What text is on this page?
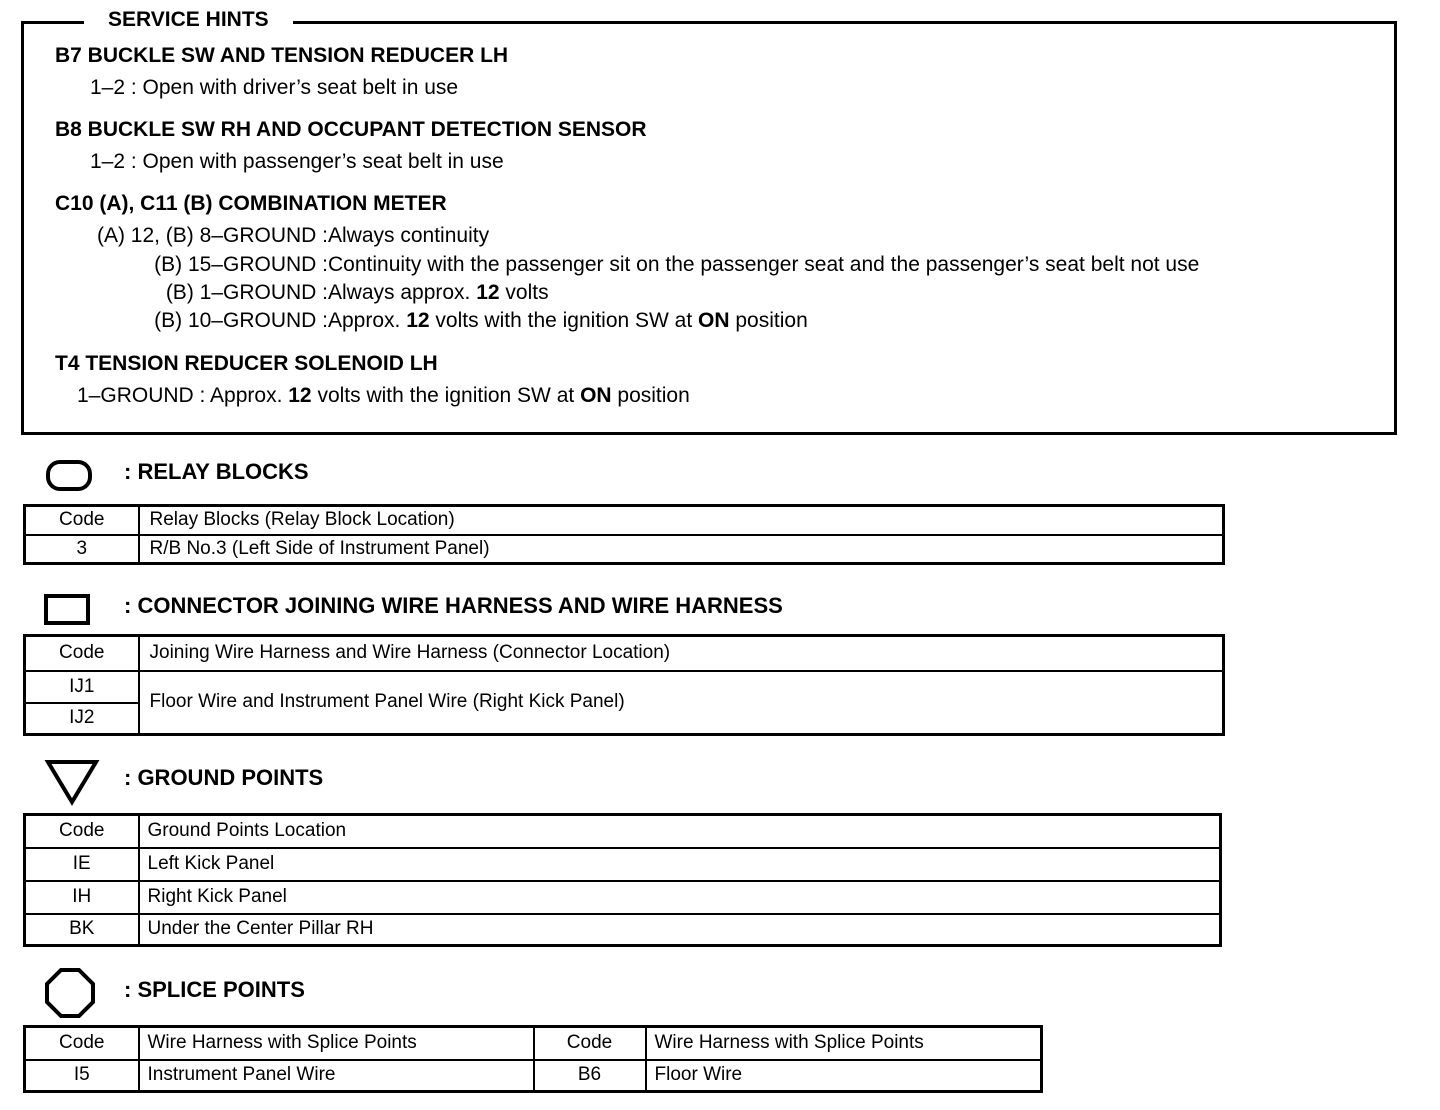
SERVICE HINTS
B7 BUCKLE SW AND TENSION REDUCER LH
1–2 : Open with driver’s seat belt in use
B8 BUCKLE SW RH AND OCCUPANT DETECTION SENSOR
1–2 : Open with passenger’s seat belt in use
C10 (A), C11 (B) COMBINATION METER
(A) 12, (B) 8–GROUND : Always continuity
(B) 15–GROUND : Continuity with the passenger sit on the passenger seat and the passenger’s seat belt not use
(B) 1–GROUND : Always approx. 12 volts
(B) 10–GROUND : Approx. 12 volts with the ignition SW at ON position
T4 TENSION REDUCER SOLENOID LH
1–GROUND : Approx. 12 volts with the ignition SW at ON position
: RELAY BLOCKS
Code	Relay Blocks (Relay Block Location)
3	R/B No.3 (Left Side of Instrument Panel)
: CONNECTOR JOINING WIRE HARNESS AND WIRE HARNESS
Code	Joining Wire Harness and Wire Harness (Connector Location)
IJ1	Floor Wire and Instrument Panel Wire (Right Kick Panel)
IJ2	
: GROUND POINTS
Code	Ground Points Location
IE	Left Kick Panel
IH	Right Kick Panel
BK	Under the Center Pillar RH
: SPLICE POINTS
Code	Wire Harness with Splice Points	Code	Wire Harness with Splice Points
I5	Instrument Panel Wire	B6	Floor Wire
